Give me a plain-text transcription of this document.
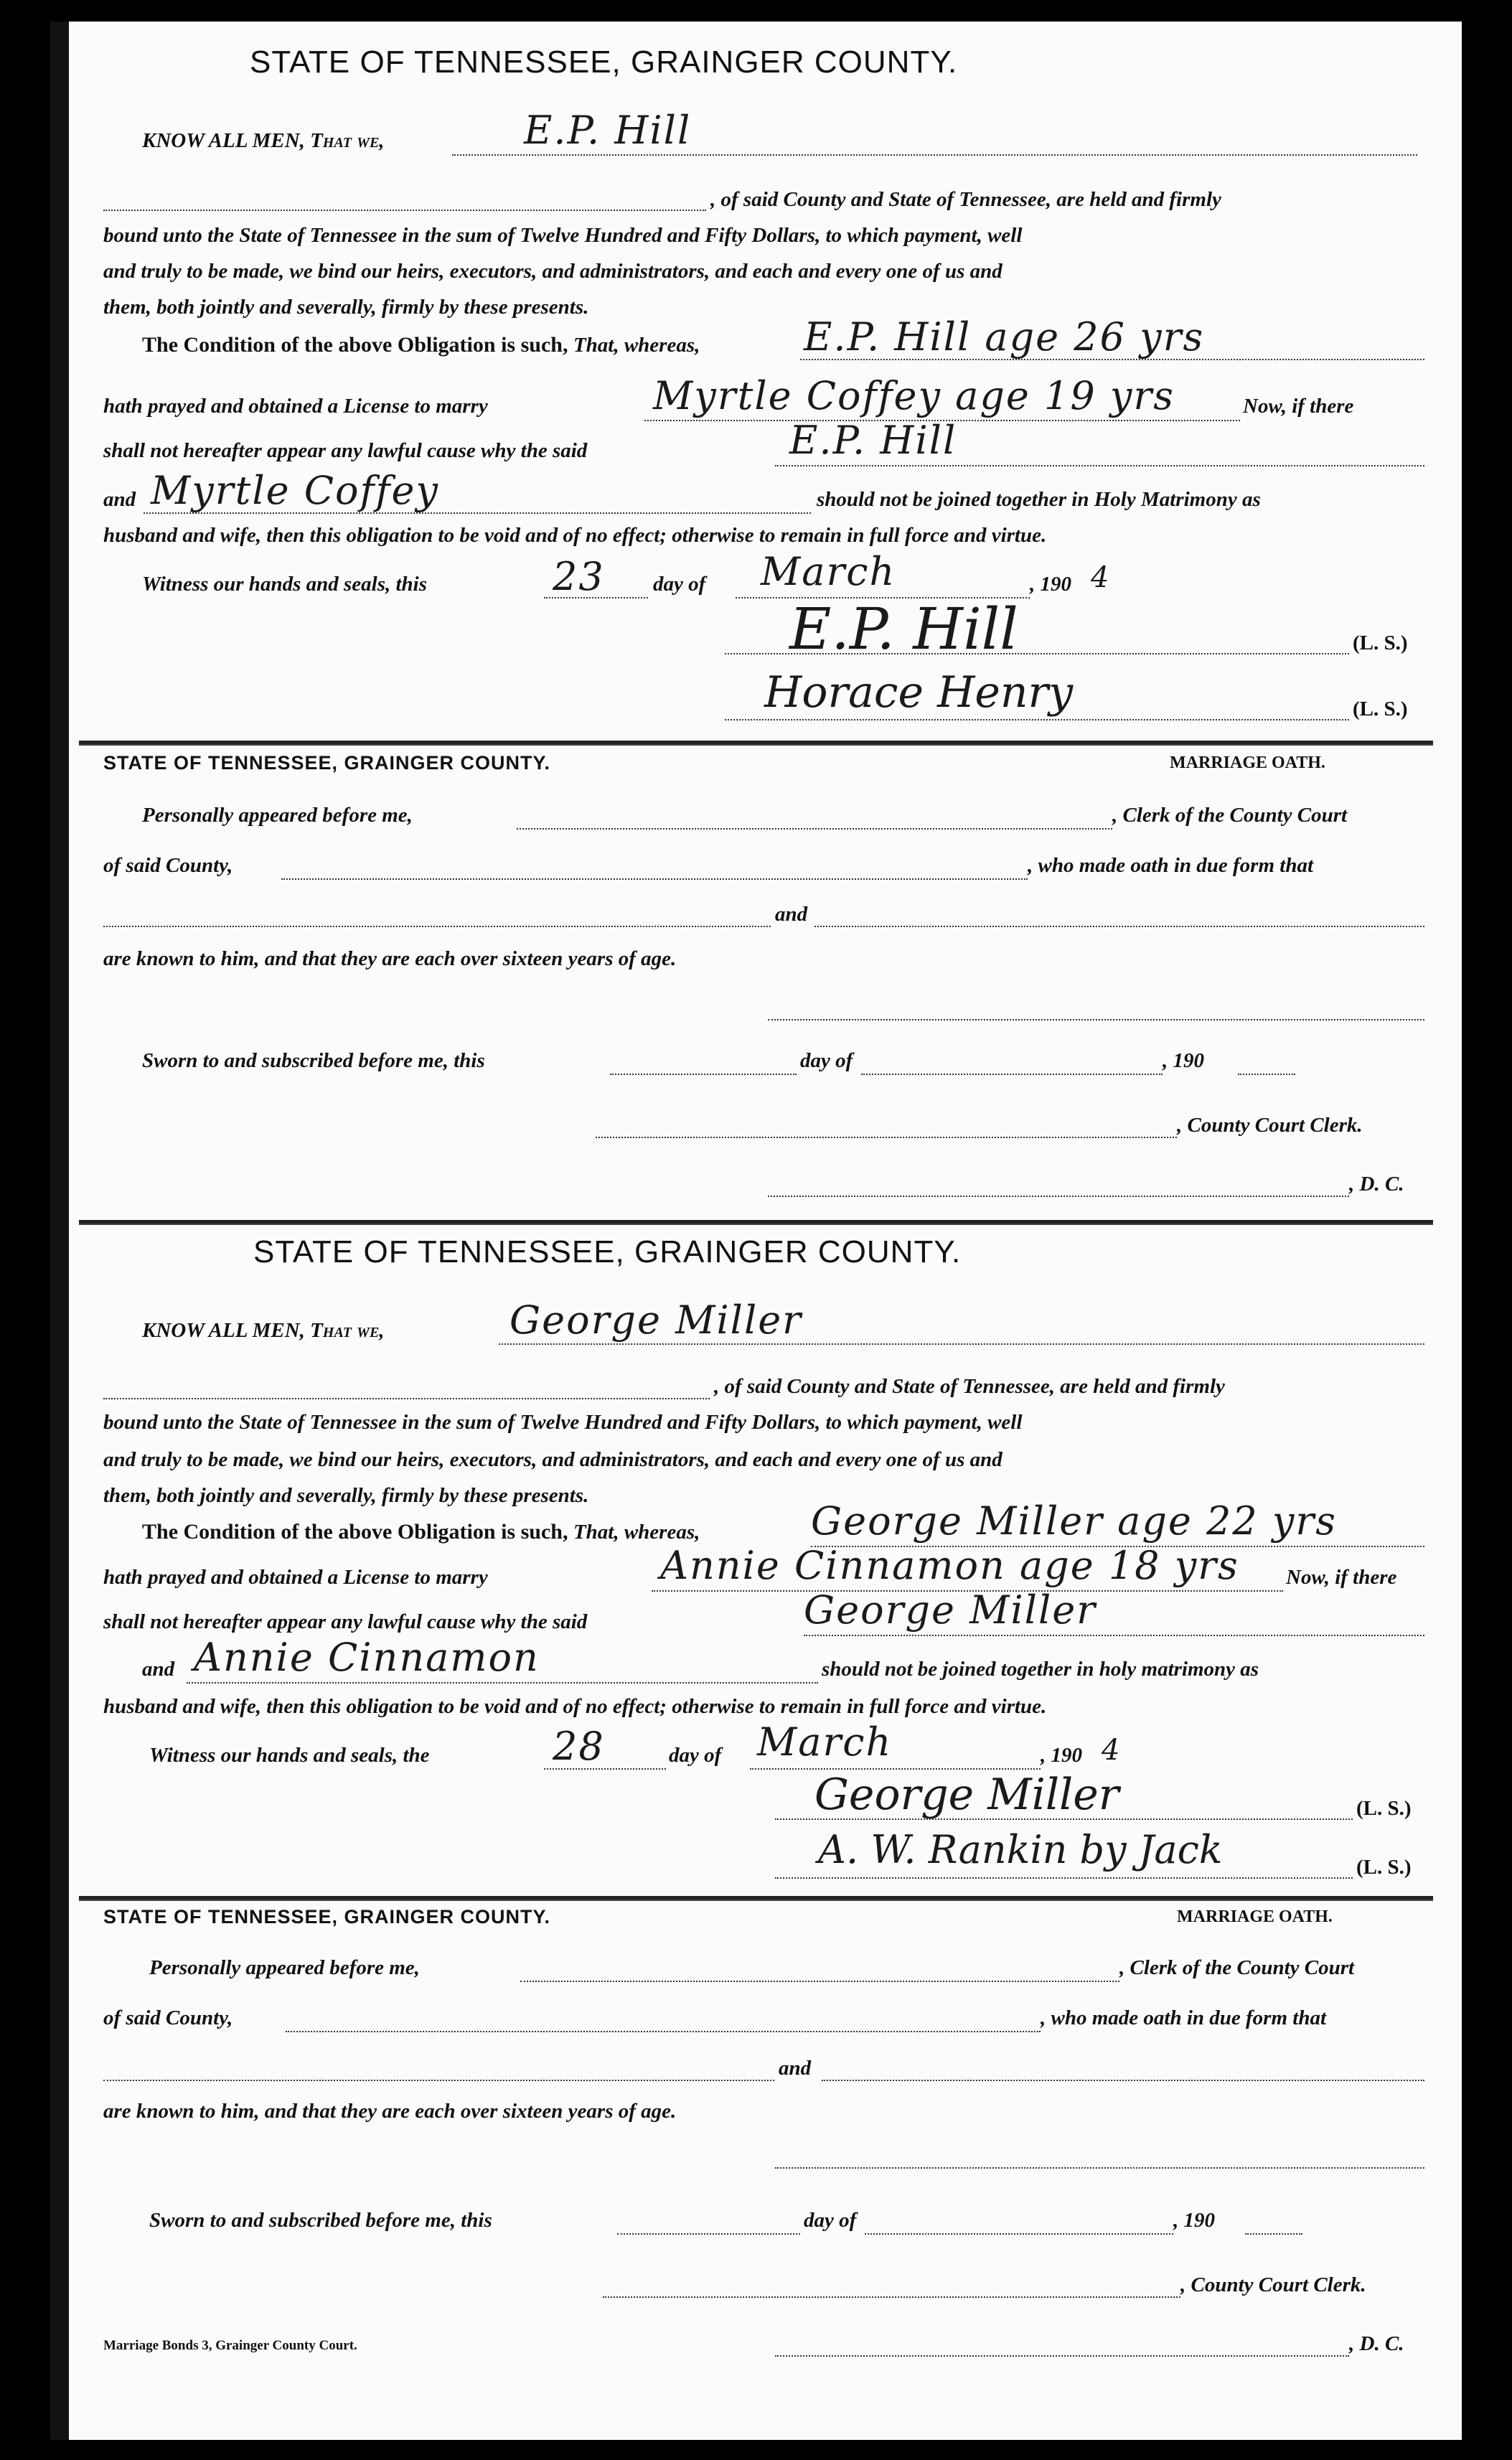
STATE OF TENNESSEE, GRAINGER COUNTY.
KNOW ALL MEN, That we,	E.P. Hill
, of said County and State of Tennessee, are held and firmly
bound unto the State of Tennessee in the sum of Twelve Hundred and Fifty Dollars, to which payment, well
and truly to be made, we bind our heirs, executors, and administrators, and each and every one of us and
them, both jointly and severally, firmly by these presents.
The Condition of the above Obligation is such, That, whereas,	E.P. Hill age 26 yrs
hath prayed and obtained a License to marry	Myrtle Coffey age 19 yrs	Now, if there
shall not hereafter appear any lawful cause why the said	E.P. Hill
and Myrtle Coffey	should not be joined together in Holy Matrimony as
husband and wife, then this obligation to be void and of no effect; otherwise to remain in full force and virtue.
Witness our hands and seals, this	23 day of March	, 190 4
E.P. Hill	(L. S.)
Horace Henry	(L. S.)
STATE OF TENNESSEE, GRAINGER COUNTY.	MARRIAGE OATH.
Personally appeared before me,	, Clerk of the County Court
of said County,	, who made oath in due form that
and
are known to him, and that they are each over sixteen years of age.
Sworn to and subscribed before me, this	day of	, 190
, County Court Clerk.
, D. C.
STATE OF TENNESSEE, GRAINGER COUNTY.
KNOW ALL MEN, That we,	George Miller
, of said County and State of Tennessee, are held and firmly
bound unto the State of Tennessee in the sum of Twelve Hundred and Fifty Dollars, to which payment, well
and truly to be made, we bind our heirs, executors, and administrators, and each and every one of us and
them, both jointly and severally, firmly by these presents.
The Condition of the above Obligation is such, That, whereas,	George Miller age 22 yrs
hath prayed and obtained a License to marry	Annie Cinnamon age 18 yrs Now, if there
shall not hereafter appear any lawful cause why the said	George Miller
and Annie Cinnamon	should not be joined together in holy matrimony as
husband and wife, then this obligation to be void and of no effect; otherwise to remain in full force and virtue.
Witness our hands and seals, the	28	day of March	, 190 4
George Miller	(L. S.)
A. W. Rankin by Jack	(L. S.)
STATE OF TENNESSEE, GRAINGER COUNTY.	MARRIAGE OATH.
Personally appeared before me,	, Clerk of the County Court
of said County,	, who made oath in due form that
and
are known to him, and that they are each over sixteen years of age.
Sworn to and subscribed before me, this	day of	, 190
, County Court Clerk.
, D. C.
Marriage Bonds 3, Grainger County Court.
